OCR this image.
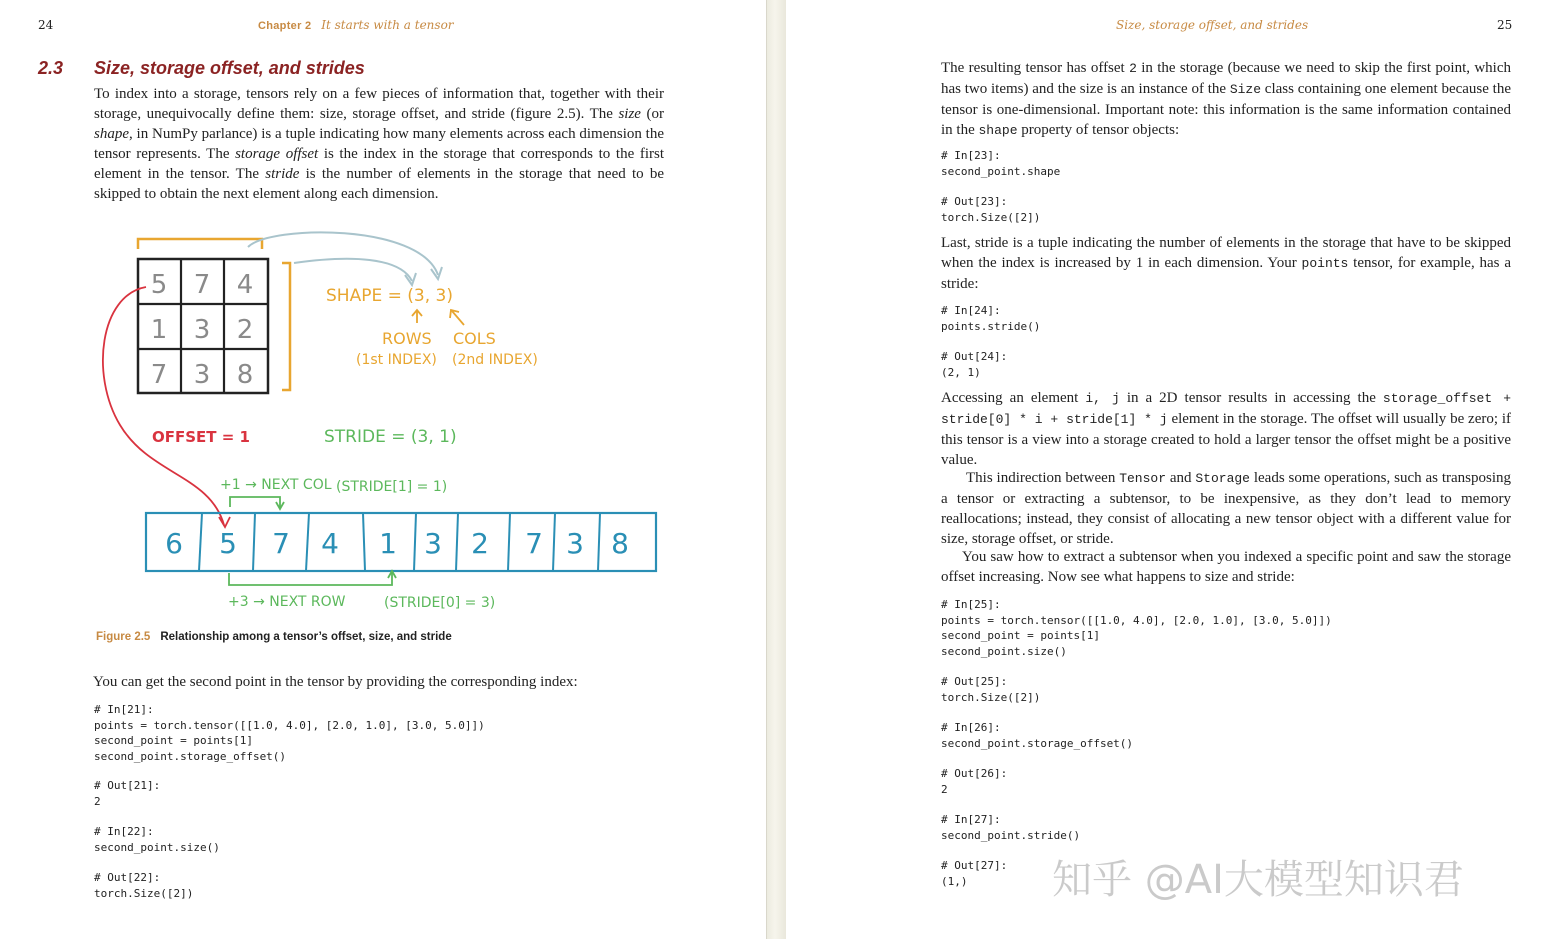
24	Chapter 2 It starts with a tensor
2.3 Size, storage offset, and strides
To index into a storage, tensors rely on a few pieces of information that, together with their storage, unequivocally define them: size, storage offset, and stride (figure 2.5). The size (or shape, in NumPy parlance) is a tuple indicating how many elements across each dimension the tensor represents. The storage offset is the index in the storage that corresponds to the first element in the tensor. The stride is the number of elements in the storage that need to be skipped to obtain the next element along each dimension.
5 7 4
1 3 2
7 3 8
SHAPE = (3, 3)
ROWS
(1st INDEX)
COLS
(2nd INDEX)
OFFSET = 1	STRIDE = (3, 1)
+1 → NEXT COL (STRIDE[1] = 1)
6 5 7 4 1 3 2 7 3 8
+3 → NEXT ROW	(STRIDE[0] = 3)
Figure 2.5 Relationship among a tensor’s offset, size, and stride
You can get the second point in the tensor by providing the corresponding index:
# In[21]:
points = torch.tensor([[1.0, 4.0], [2.0, 1.0], [3.0, 5.0]])
second_point = points[1]
second_point.storage_offset()
# Out[21]:
2
# In[22]:
second_point.size()
# Out[22]:
torch.Size([2])
Size, storage offset, and strides	25
The resulting tensor has offset 2 in the storage (because we need to skip the first point, which has two items) and the size is an instance of the Size class containing one element because the tensor is one-dimensional. Important note: this information is the same information contained in the shape property of tensor objects:
# In[23]:
second_point.shape
# Out[23]:
torch.Size([2])
Last, stride is a tuple indicating the number of elements in the storage that have to be skipped when the index is increased by 1 in each dimension. Your points tensor, for example, has a stride:
# In[24]:
points.stride()
# Out[24]:
(2, 1)
Accessing an element i, j in a 2D tensor results in accessing the storage_offset + stride[0] * i + stride[1] * j element in the storage. The offset will usually be zero; if this tensor is a view into a storage created to hold a larger tensor the offset might be a positive value.
This indirection between Tensor and Storage leads some operations, such as transposing a tensor or extracting a subtensor, to be inexpensive, as they don’t lead to memory reallocations; instead, they consist of allocating a new tensor object with a different value for size, storage offset, or stride.
You saw how to extract a subtensor when you indexed a specific point and saw the storage offset increasing. Now see what happens to size and stride:
# In[25]:
points = torch.tensor([[1.0, 4.0], [2.0, 1.0], [3.0, 5.0]])
second_point = points[1]
second_point.size()
# Out[25]:
torch.Size([2])
# In[26]:
second_point.storage_offset()
# Out[26]:
2
# In[27]:
second_point.stride()
# Out[27]:
(1,)	知乎 @AI大模型知识君
